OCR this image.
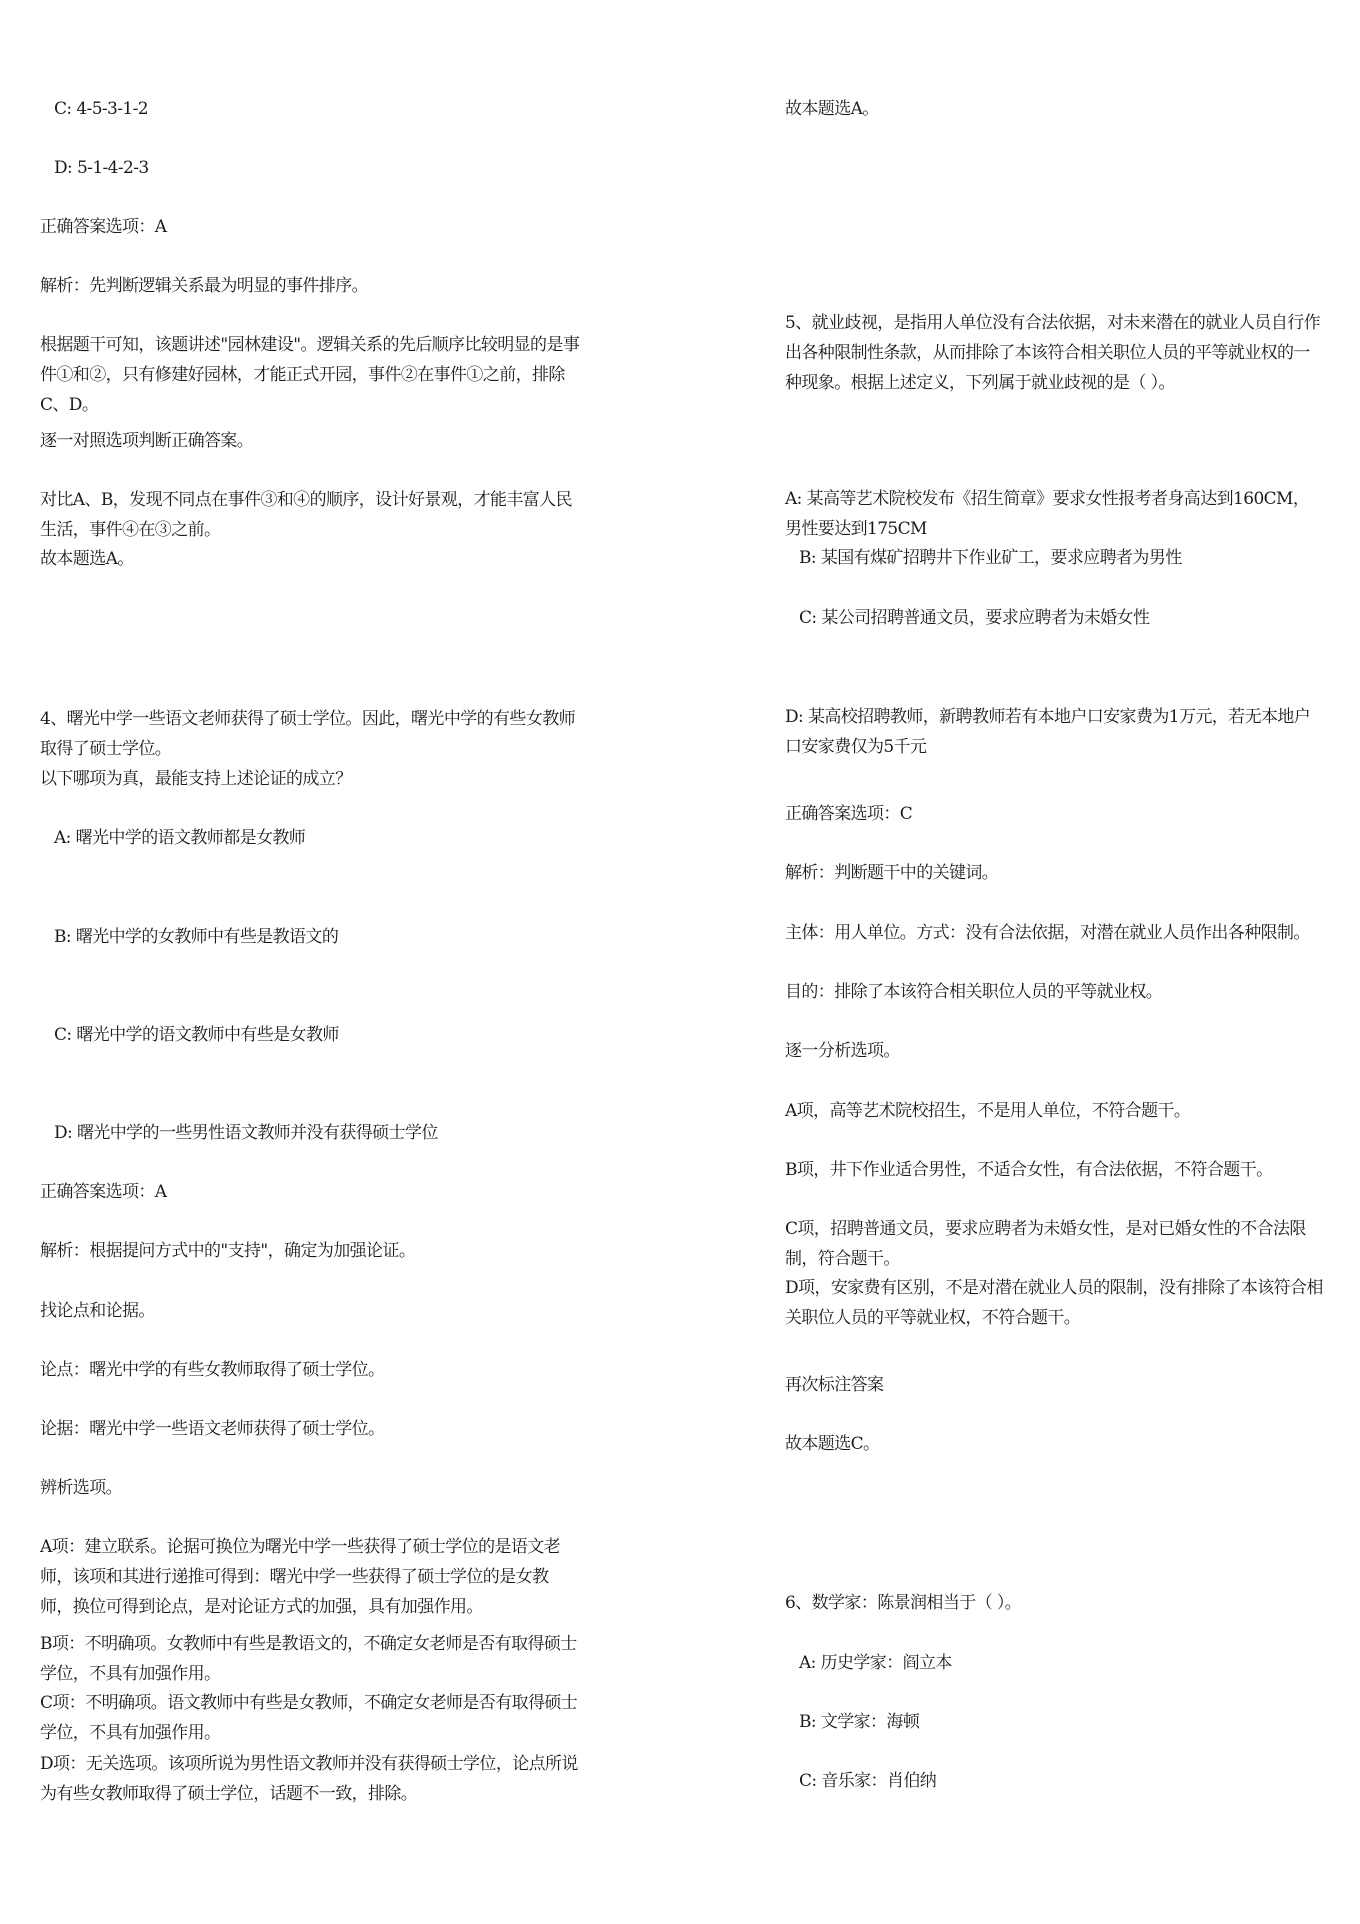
C: 4-5-3-1-2
D: 5-1-4-2-3
正确答案选项：A
解析：先判断逻辑关系最为明显的事件排序。
根据题干可知，该题讲述"园林建设"。逻辑关系的先后顺序比较明显的是事件①和②，只有修建好园林，才能正式开园，事件②在事件①之前，排除C、D。
逐一对照选项判断正确答案。
对比A、B，发现不同点在事件③和④的顺序，设计好景观，才能丰富人民生活，事件④在③之前。
故本题选A。
4、曙光中学一些语文老师获得了硕士学位。因此，曙光中学的有些女教师取得了硕士学位。
以下哪项为真，最能支持上述论证的成立？
A: 曙光中学的语文教师都是女教师
B: 曙光中学的女教师中有些是教语文的
C: 曙光中学的语文教师中有些是女教师
D: 曙光中学的一些男性语文教师并没有获得硕士学位
正确答案选项：A
解析：根据提问方式中的"支持"，确定为加强论证。
找论点和论据。
论点：曙光中学的有些女教师取得了硕士学位。
论据：曙光中学一些语文老师获得了硕士学位。
辨析选项。
A项：建立联系。论据可换位为曙光中学一些获得了硕士学位的是语文老师，该项和其进行递推可得到：曙光中学一些获得了硕士学位的是女教师，换位可得到论点，是对论证方式的加强，具有加强作用。
B项：不明确项。女教师中有些是教语文的，不确定女老师是否有取得硕士学位，不具有加强作用。
C项：不明确项。语文教师中有些是女教师，不确定女老师是否有取得硕士学位，不具有加强作用。
D项：无关选项。该项所说为男性语文教师并没有获得硕士学位，论点所说为有些女教师取得了硕士学位，话题不一致，排除。
故本题选A。
5、就业歧视，是指用人单位没有合法依据，对未来潜在的就业人员自行作出各种限制性条款，从而排除了本该符合相关职位人员的平等就业权的一种现象。根据上述定义，下列属于就业歧视的是（ ）。
A: 某高等艺术院校发布《招生简章》要求女性报考者身高达到160CM，男性要达到175CM
B: 某国有煤矿招聘井下作业矿工，要求应聘者为男性
C: 某公司招聘普通文员，要求应聘者为未婚女性
D: 某高校招聘教师，新聘教师若有本地户口安家费为1万元，若无本地户口安家费仅为5千元
正确答案选项：C
解析：判断题干中的关键词。
主体：用人单位。方式：没有合法依据，对潜在就业人员作出各种限制。
目的：排除了本该符合相关职位人员的平等就业权。
逐一分析选项。
A项，高等艺术院校招生，不是用人单位，不符合题干。
B项，井下作业适合男性，不适合女性，有合法依据，不符合题干。
C项，招聘普通文员，要求应聘者为未婚女性，是对已婚女性的不合法限制，符合题干。
D项，安家费有区别，不是对潜在就业人员的限制，没有排除了本该符合相关职位人员的平等就业权，不符合题干。
再次标注答案
故本题选C。
6、数学家：陈景润相当于（ ）。
A: 历史学家：阎立本
B: 文学家：海顿
C: 音乐家：肖伯纳
